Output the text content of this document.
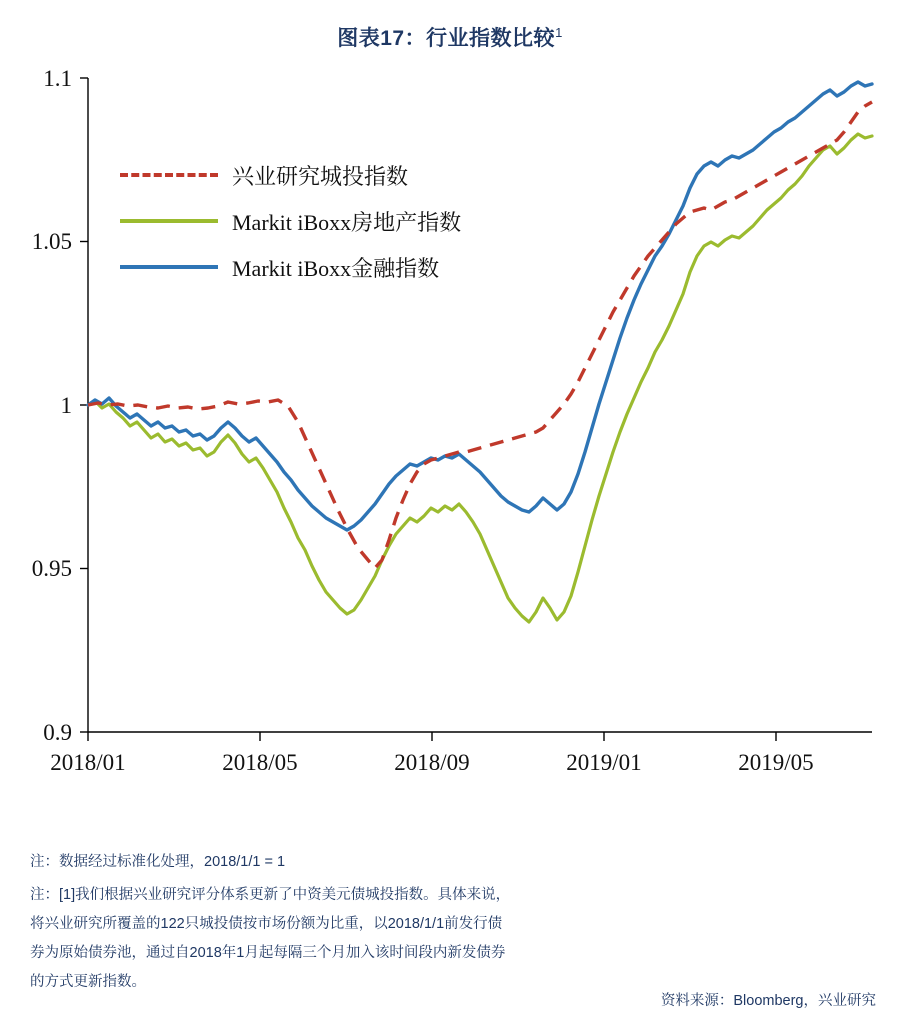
图表17：行业指数比较$^1$
1.1
1.05
1
0.95
0.9
2018/01	2018/05	2018/09	2019/01	2019/05
兴业研究城投指数
Markit iBoxx房地产指数
Markit iBoxx金融指数

注：数据经过标准化处理，2018/1/1 = 1

注：[1]我们根据兴业研究评分体系更新了中资美元债城投指数。具体来说，

将兴业研究所覆盖的122只城投债按市场份额为比重，以2018/1/1前发行债

券为原始债券池，通过自2018年1月起每隔三个月加入该时间段内新发债券

的方式更新指数。

资料来源：Bloomberg，兴业研究
